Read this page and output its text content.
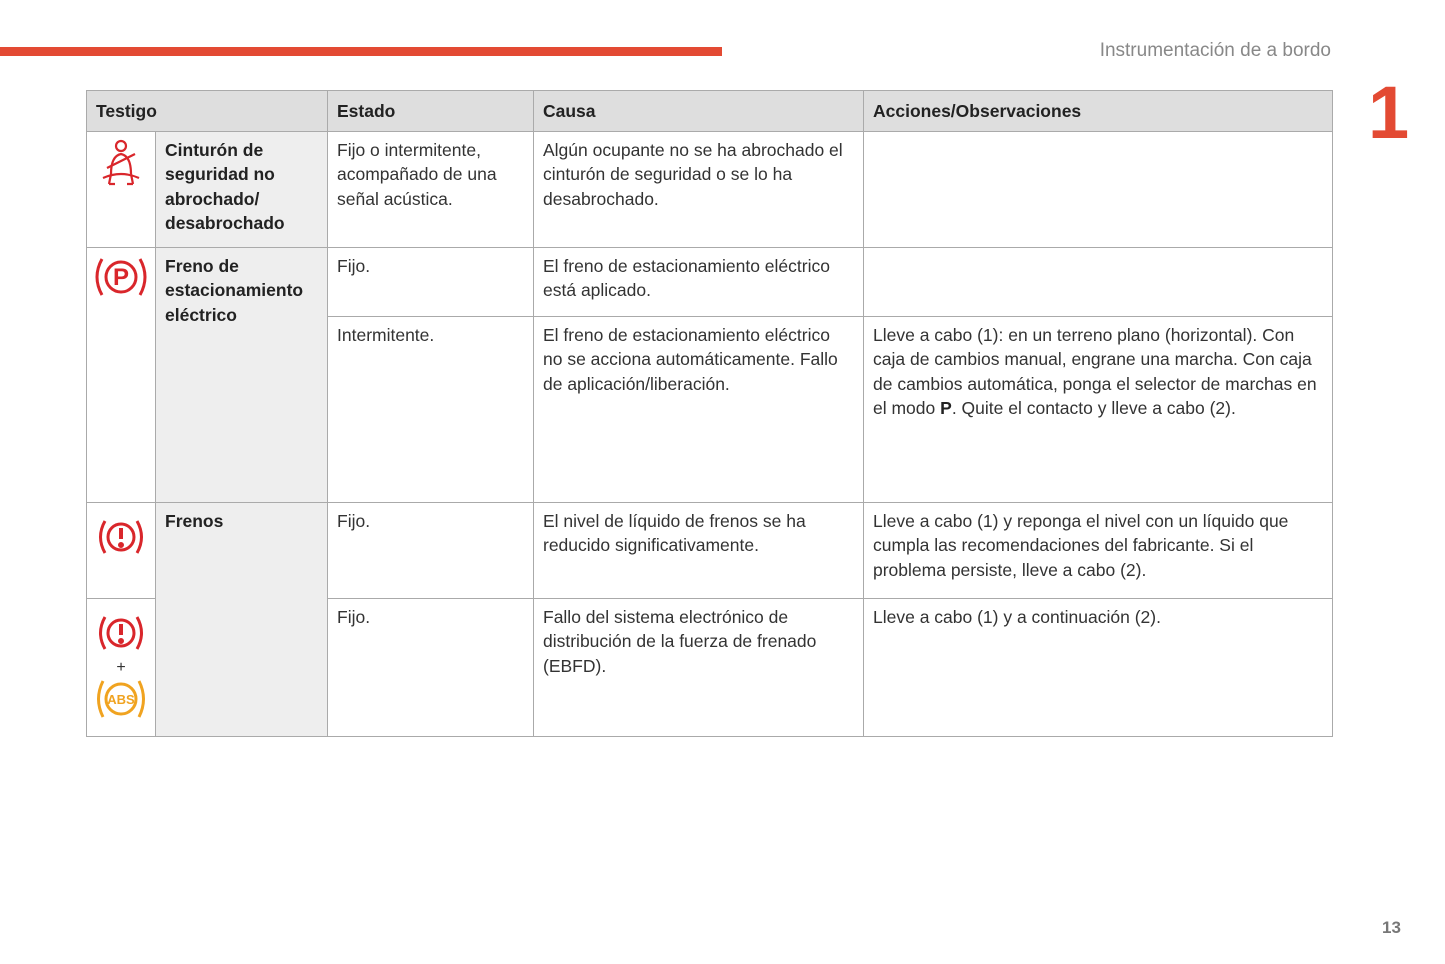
Instrumentación de a bordo
1
Testigo		Estado	Causa	Acciones/Observaciones
	Cinturón de seguridad no abrochado/ desabrochado	Fijo o intermitente, acompañado de una señal acústica.	Algún ocupante no se ha abrochado el cinturón de seguridad o se lo ha desabrochado.	

P	Freno de estacionamiento eléctrico	Fijo.	El freno de estacionamiento eléctrico está aplicado.	
		Intermitente.	El freno de estacionamiento eléctrico no se acciona automáticamente. Fallo de aplicación/liberación.	Lleve a cabo (1): en un terreno plano (horizontal). Con caja de cambios manual, engrane una marcha. Con caja de cambios automática, ponga el selector de marchas en el modo P. Quite el contacto y lleve a cabo (2).
	Frenos	Fijo.	El nivel de líquido de frenos se ha reducido significativamente.	Lleve a cabo (1) y reponga el nivel con un líquido que cumpla las recomendaciones del fabricante. Si el problema persiste, lleve a cabo (2).

+
ABS		Fijo.	Fallo del sistema electrónico de distribución de la fuerza de frenado (EBFD).	Lleve a cabo (1) y a continuación (2).
13
